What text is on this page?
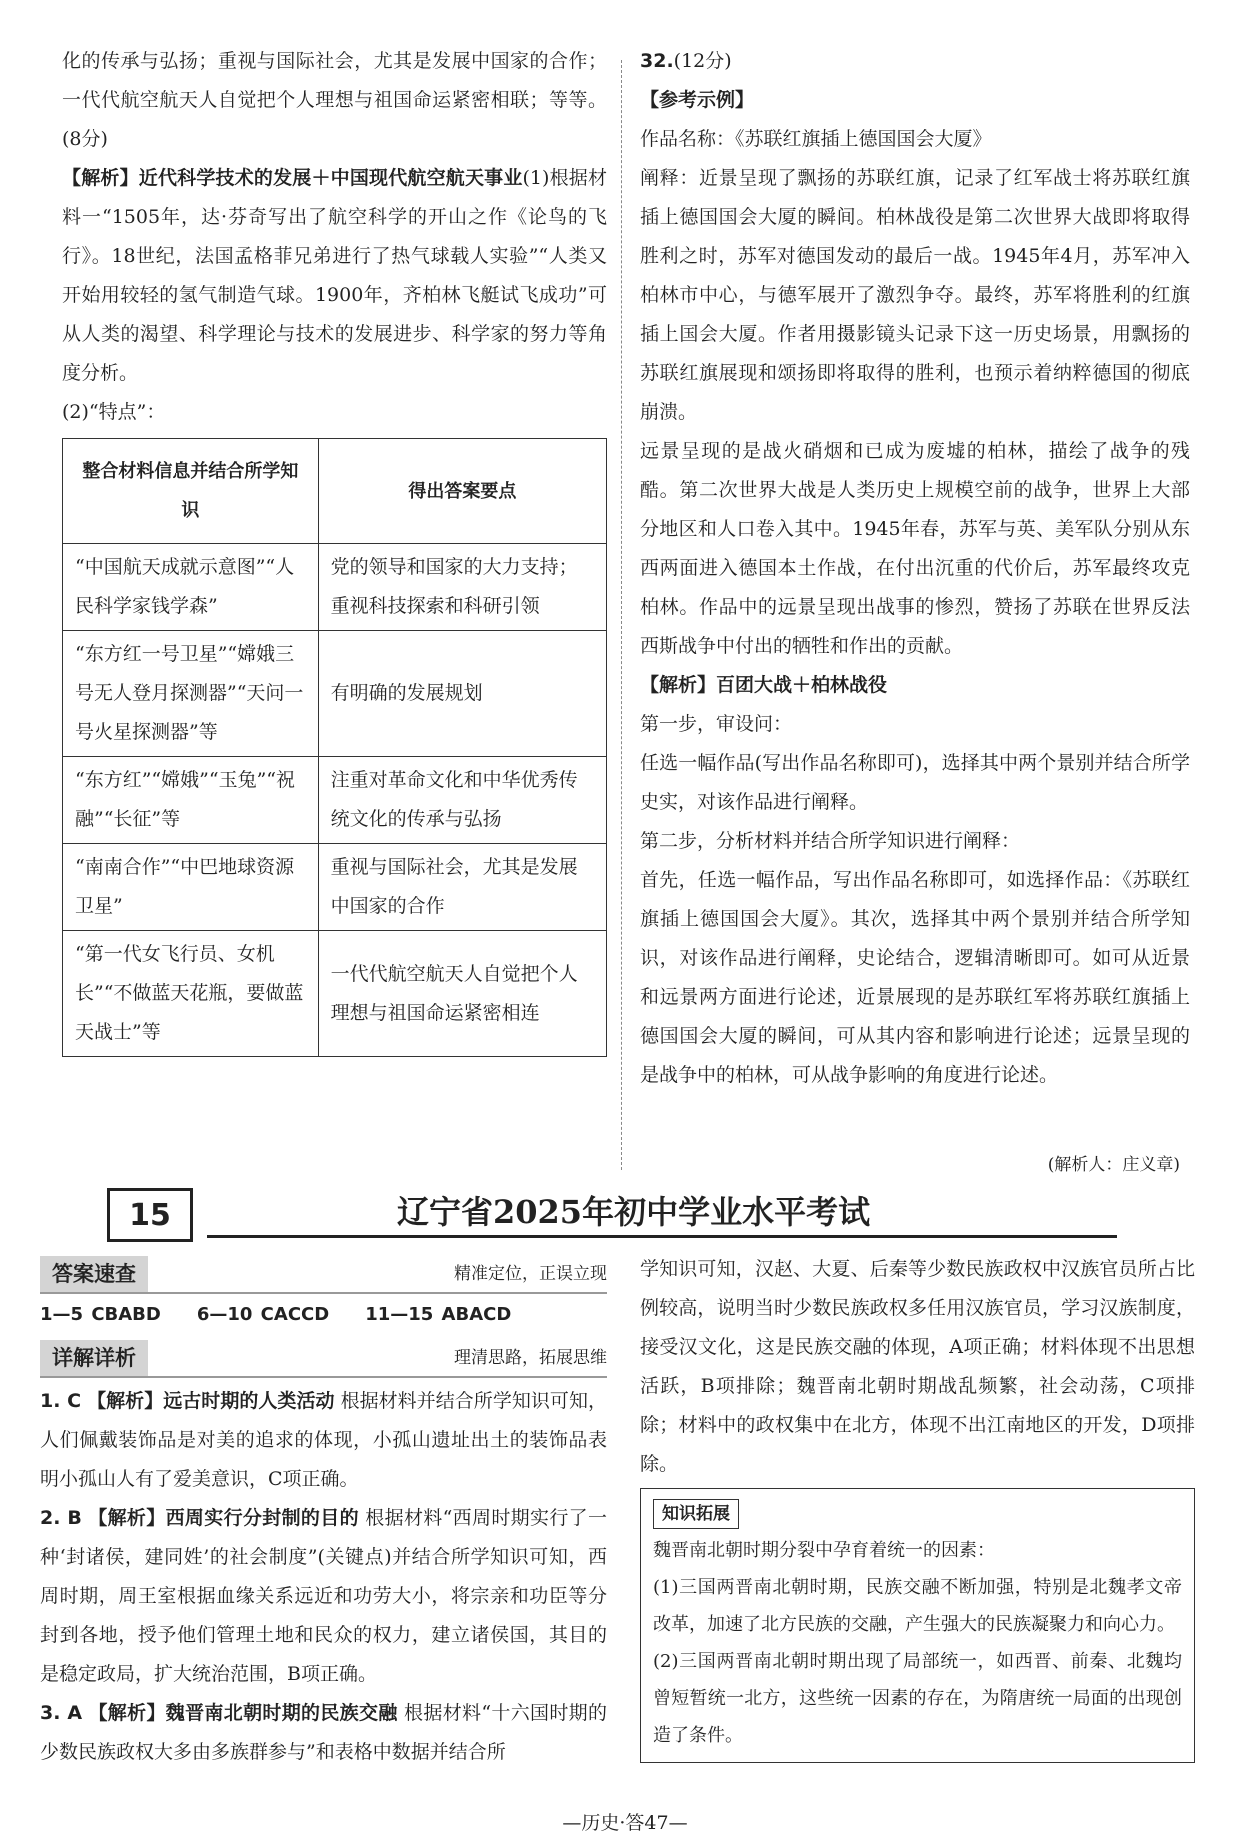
化的传承与弘扬；重视与国际社会，尤其是发展中国家的合作；一代代航空航天人自觉把个人理想与祖国命运紧密相联；等等。(8分)

【解析】近代科学技术的发展＋中国现代航空航天事业(1)根据材料一“1505年，达·芬奇写出了航空科学的开山之作《论鸟的飞行》。18世纪，法国孟格菲兄弟进行了热气球载人实验”“人类又开始用较轻的氢气制造气球。1900年，齐柏林飞艇试飞成功”可从人类的渴望、科学理论与技术的发展进步、科学家的努力等角度分析。

(2)“特点”：

整合材料信息并结合所学知识	得出答案要点
“中国航天成就示意图”“人民科学家钱学森”	党的领导和国家的大力支持；重视科技探索和科研引领
“东方红一号卫星”“嫦娥三号无人登月探测器”“天问一号火星探测器”等	有明确的发展规划
“东方红”“嫦娥”“玉兔”“祝融”“长征”等	注重对革命文化和中华优秀传统文化的传承与弘扬
“南南合作”“中巴地球资源卫星”	重视与国际社会，尤其是发展中国家的合作
“第一代女飞行员、女机长”“不做蓝天花瓶，要做蓝天战士”等	一代代航空航天人自觉把个人理想与祖国命运紧密相连

32.(12分)

【参考示例】

作品名称：《苏联红旗插上德国国会大厦》

阐释：近景呈现了飘扬的苏联红旗，记录了红军战士将苏联红旗插上德国国会大厦的瞬间。柏林战役是第二次世界大战即将取得胜利之时，苏军对德国发动的最后一战。1945年4月，苏军冲入柏林市中心，与德军展开了激烈争夺。最终，苏军将胜利的红旗插上国会大厦。作者用摄影镜头记录下这一历史场景，用飘扬的苏联红旗展现和颂扬即将取得的胜利，也预示着纳粹德国的彻底崩溃。

远景呈现的是战火硝烟和已成为废墟的柏林，描绘了战争的残酷。第二次世界大战是人类历史上规模空前的战争，世界上大部分地区和人口卷入其中。1945年春，苏军与英、美军队分别从东西两面进入德国本土作战，在付出沉重的代价后，苏军最终攻克柏林。作品中的远景呈现出战事的惨烈，赞扬了苏联在世界反法西斯战争中付出的牺牲和作出的贡献。

【解析】百团大战＋柏林战役

第一步，审设问：

任选一幅作品(写出作品名称即可)，选择其中两个景别并结合所学史实，对该作品进行阐释。

第二步，分析材料并结合所学知识进行阐释：

首先，任选一幅作品，写出作品名称即可，如选择作品：《苏联红旗插上德国国会大厦》。其次，选择其中两个景别并结合所学知识，对该作品进行阐释，史论结合，逻辑清晰即可。如可从近景和远景两方面进行论述，近景展现的是苏联红军将苏联红旗插上德国国会大厦的瞬间，可从其内容和影响进行论述；远景呈现的是战争中的柏林，可从战争影响的角度进行论述。

(解析人：庄义章)
15	辽宁省2025年初中学业水平考试
答案速查	精准定位，正误立现
1—5 CBABD 6—10 CACCD 11—15 ABACD
详解详析	理清思路，拓展思维

1. C 【解析】远古时期的人类活动 根据材料并结合所学知识可知，人们佩戴装饰品是对美的追求的体现，小孤山遗址出土的装饰品表明小孤山人有了爱美意识，C项正确。

2. B 【解析】西周实行分封制的目的 根据材料“西周时期实行了一种‘封诸侯，建同姓’的社会制度”(关键点)并结合所学知识可知，西周时期，周王室根据血缘关系远近和功劳大小，将宗亲和功臣等分封到各地，授予他们管理土地和民众的权力，建立诸侯国，其目的是稳定政局，扩大统治范围，B项正确。

3. A 【解析】魏晋南北朝时期的民族交融 根据材料“十六国时期的少数民族政权大多由多族群参与”和表格中数据并结合所

学知识可知，汉赵、大夏、后秦等少数民族政权中汉族官员所占比例较高，说明当时少数民族政权多任用汉族官员，学习汉族制度，接受汉文化，这是民族交融的体现，A项正确；材料体现不出思想活跃，B项排除；魏晋南北朝时期战乱频繁，社会动荡，C项排除；材料中的政权集中在北方，体现不出江南地区的开发，D项排除。

知识拓展

魏晋南北朝时期分裂中孕育着统一的因素：

(1)三国两晋南北朝时期，民族交融不断加强，特别是北魏孝文帝改革，加速了北方民族的交融，产生强大的民族凝聚力和向心力。

(2)三国两晋南北朝时期出现了局部统一，如西晋、前秦、北魏均曾短暂统一北方，这些统一因素的存在，为隋唐统一局面的出现创造了条件。

—历史·答47—
